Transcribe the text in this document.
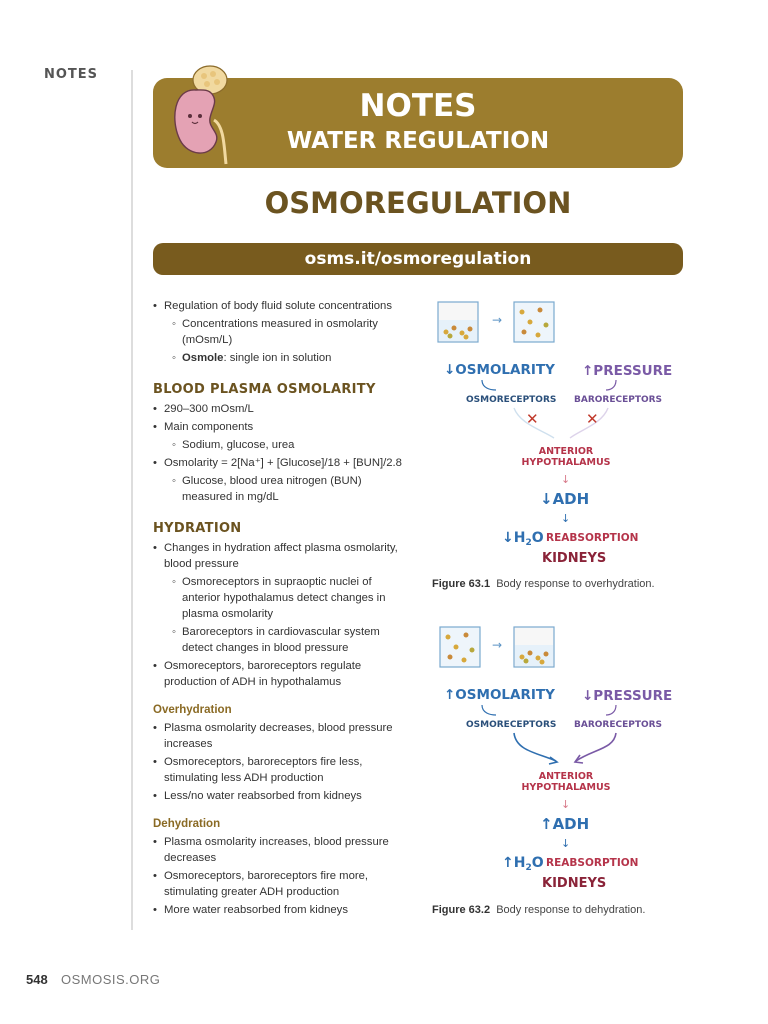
NOTES
NOTES
WATER REGULATION
OSMOREGULATION
osms.it/osmoregulation
• Regulation of body fluid solute concentrations
◦ Concentrations measured in osmolarity (mOsm/L)
◦ Osmole: single ion in solution
BLOOD PLASMA OSMOLARITY
• 290–300 mOsm/L
• Main components
◦ Sodium, glucose, urea
• Osmolarity = 2[Na⁺] + [Glucose]/18 + [BUN]/2.8
◦ Glucose, blood urea nitrogen (BUN) measured in mg/dL
HYDRATION
• Changes in hydration affect plasma osmolarity, blood pressure
◦ Osmoreceptors in supraoptic nuclei of anterior hypothalamus detect changes in plasma osmolarity
◦ Baroreceptors in cardiovascular system detect changes in blood pressure
• Osmoreceptors, baroreceptors regulate production of ADH in hypothalamus
Overhydration
• Plasma osmolarity decreases, blood pressure increases
• Osmoreceptors, baroreceptors fire less, stimulating less ADH production
• Less/no water reabsorbed from kidneys
Dehydration
• Plasma osmolarity increases, blood pressure decreases
• Osmoreceptors, baroreceptors fire more, stimulating greater ADH production
• More water reabsorbed from kidneys
→
↓OSMOLARITY ↑PRESSURE
OSMORECEPTORS BARORECEPTORS
✕	✕
ANTERIOR
HYPOTHALAMUS
↓
↓ADH
↓
$↓H_2O$ REABSORPTION
KIDNEYS
Figure 63.1 Body response to overhydration.
→
↑OSMOLARITY ↓PRESSURE
OSMORECEPTORS BARORECEPTORS
ANTERIOR
HYPOTHALAMUS
↓
↑ADH
↓
$↑H_2O$ REABSORPTION
KIDNEYS
Figure 63.2 Body response to dehydration.
548 OSMOSIS.ORG
